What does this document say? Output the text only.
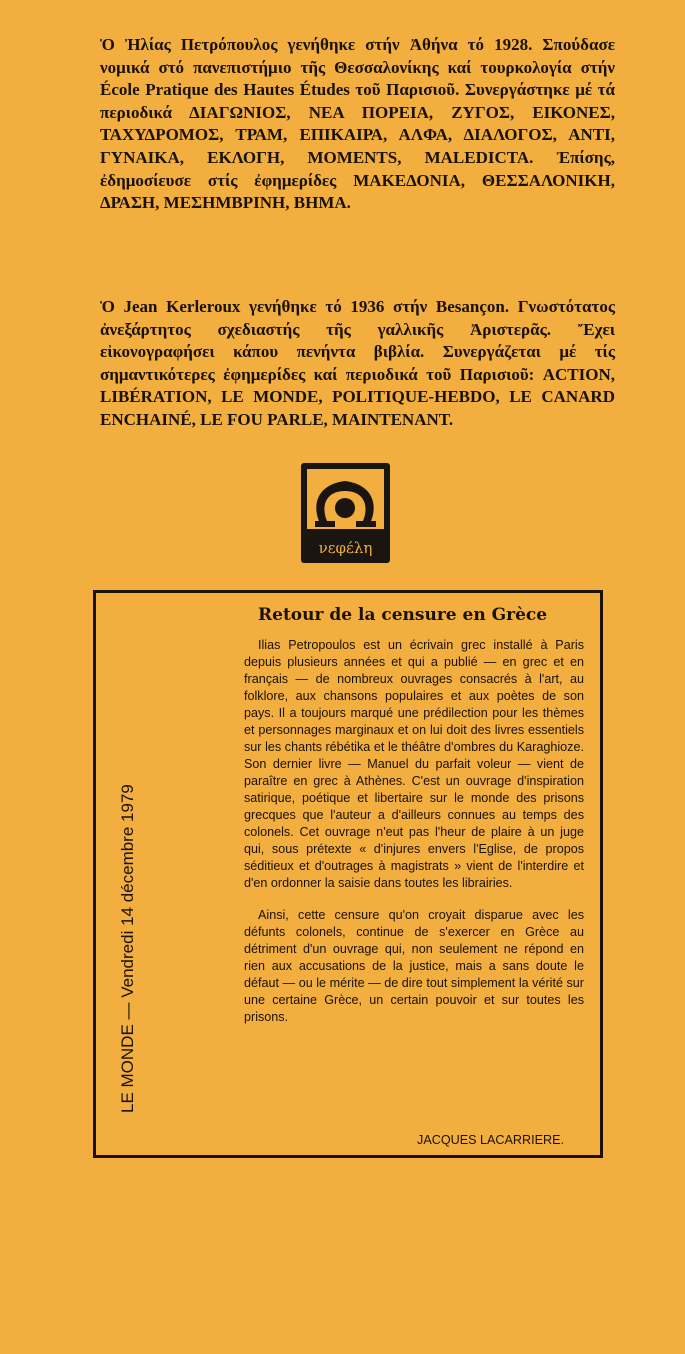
Ὁ Ἠλίας Πετρόπουλος γενήθηκε στήν Ἀθήνα τό 1928. Σπούδασε νομικά στό πανεπιστήμιο τῆς Θεσσαλονίκης καί τουρκολογία στήν École Pratique des Hautes Études τοῦ Παρισιοῦ. Συνεργάστηκε μέ τά περιοδικά ΔΙΑΓΩΝΙΟΣ, ΝΕΑ ΠΟΡΕΙΑ, ΖΥΓΟΣ, ΕΙΚΟΝΕΣ, ΤΑΧΥΔΡΟΜΟΣ, ΤΡΑΜ, ΕΠΙΚΑΙΡΑ, ΑΛΦΑ, ΔΙΑΛΟΓΟΣ, ΑΝΤΙ, ΓΥΝΑΙΚΑ, ΕΚΛΟΓΗ, MOMENTS, MALEDICTA. Ἐπίσης, ἐδημοσίευσε στίς ἐφημερίδες ΜΑΚΕΔΟΝΙΑ, ΘΕΣΣΑΛΟΝΙΚΗ, ΔΡΑΣΗ, ΜΕΣΗΜΒΡΙΝΗ, ΒΗΜΑ.

Ὁ Jean Kerleroux γενήθηκε τό 1936 στήν Besançon. Γνωστότατος ἀνεξάρτητος σχεδιαστής τῆς γαλλικῆς Ἀριστερᾶς. Ἔχει εἰκονογραφήσει κάπου πενήντα βιβλία. Συνεργάζεται μέ τίς σημαντικότερες ἐφημερίδες καί περιοδικά τοῦ Παρισιοῦ: ACTION, LIBÉRATION, LE MONDE, POLITIQUE-HEBDO, LE CANARD ENCHAINÉ, LE FOU PARLE, MAINTENANT.

νεφέλη
LE MONDE — Vendredi 14 décembre 1979
Retour de la censure en Grèce

Ilias Petropoulos est un écrivain grec installé à Paris depuis plusieurs années et qui a publié — en grec et en français — de nombreux ouvrages consacrés à l'art, au folklore, aux chansons populaires et aux poètes de son pays. Il a toujours marqué une prédilection pour les thèmes et personnages marginaux et on lui doit des livres essentiels sur les chants rébétika et le théâtre d'ombres du Karaghioze. Son dernier livre — Manuel du parfait voleur — vient de paraître en grec à Athènes. C'est un ouvrage d'inspiration satirique, poétique et libertaire sur le monde des prisons grecques que l'auteur a d'ailleurs connues au temps des colonels. Cet ouvrage n'eut pas l'heur de plaire à un juge qui, sous prétexte « d'injures envers l'Eglise, de propos séditieux et d'outrages à magistrats » vient de l'interdire et d'en ordonner la saisie dans toutes les librairies.

Ainsi, cette censure qu'on croyait disparue avec les défunts colonels, continue de s'exercer en Grèce au détriment d'un ouvrage qui, non seulement ne répond en rien aux accusations de la justice, mais a sans doute le défaut — ou le mérite — de dire tout simplement la vérité sur une certaine Grèce, un certain pouvoir et sur toutes les prisons.

JACQUES LACARRIERE.
